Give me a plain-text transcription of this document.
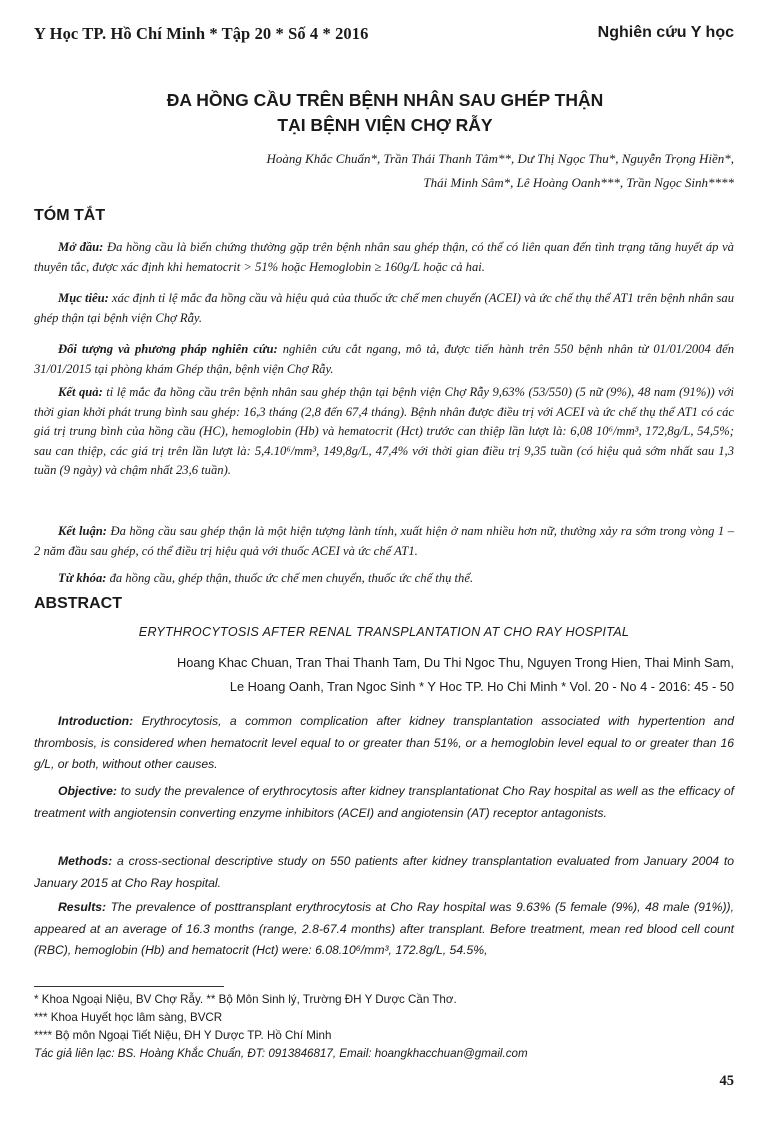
Y Học TP. Hồ Chí Minh * Tập 20 * Số 4 * 2016	Nghiên cứu Y học
ĐA HỒNG CẦU TRÊN BỆNH NHÂN SAU GHÉP THẬN
TẠI BỆNH VIỆN CHỢ RẪY
Hoàng Khắc Chuẩn*, Trần Thái Thanh Tâm**, Dư Thị Ngọc Thu*, Nguyễn Trọng Hiền*,
Thái Minh Sâm*, Lê Hoàng Oanh***, Trần Ngọc Sinh****
TÓM TẮT

Mở đầu: Đa hồng cầu là biến chứng thường gặp trên bệnh nhân sau ghép thận, có thể có liên quan đến tình trạng tăng huyết áp và thuyên tắc, được xác định khi hematocrit > 51% hoặc Hemoglobin ≥ 160g/L hoặc cả hai.

Mục tiêu: xác định tỉ lệ mắc đa hồng cầu và hiệu quả của thuốc ức chế men chuyển (ACEI) và ức chế thụ thể AT1 trên bệnh nhân sau ghép thận tại bệnh viện Chợ Rẫy.

Đối tượng và phương pháp nghiên cứu: nghiên cứu cắt ngang, mô tả, được tiến hành trên 550 bệnh nhân từ 01/01/2004 đến 31/01/2015 tại phòng khám Ghép thận, bệnh viện Chợ Rẫy.

Kết quả: tỉ lệ mắc đa hồng cầu trên bệnh nhân sau ghép thận tại bệnh viện Chợ Rẫy 9,63% (53/550) (5 nữ (9%), 48 nam (91%)) với thời gian khởi phát trung bình sau ghép: 16,3 tháng (2,8 đến 67,4 tháng). Bệnh nhân được điều trị với ACEI và ức chế thụ thể AT1 có các giá trị trung bình của hồng cầu (HC), hemoglobin (Hb) và hematocrit (Hct) trước can thiệp lần lượt là: 6,08 10⁶/mm³, 172,8g/L, 54,5%; sau can thiệp, các giá trị trên lần lượt là: 5,4.10⁶/mm³, 149,8g/L, 47,4% với thời gian điều trị 9,35 tuần (có hiệu quả sớm nhất sau 1,3 tuần (9 ngày) và chậm nhất 23,6 tuần).

Kết luận: Đa hồng cầu sau ghép thận là một hiện tượng lành tính, xuất hiện ở nam nhiều hơn nữ, thường xảy ra sớm trong vòng 1 – 2 năm đầu sau ghép, có thể điều trị hiệu quả với thuốc ACEI và ức chế AT1.

Từ khóa: đa hồng cầu, ghép thận, thuốc ức chế men chuyển, thuốc ức chế thụ thể.

ABSTRACT
ERYTHROCYTOSIS AFTER RENAL TRANSPLANTATION AT CHO RAY HOSPITAL
Hoang Khac Chuan, Tran Thai Thanh Tam, Du Thi Ngoc Thu, Nguyen Trong Hien, Thai Minh Sam,
Le Hoang Oanh, Tran Ngoc Sinh * Y Hoc TP. Ho Chi Minh * Vol. 20 - No 4 - 2016: 45 - 50

Introduction: Erythrocytosis, a common complication after kidney transplantation associated with hypertention and thrombosis, is considered when hematocrit level equal to or greater than 51%, or a hemoglobin level equal to or greater than 16 g/L, or both, without other causes.

Objective: to sudy the prevalence of erythrocytosis after kidney transplantationat Cho Ray hospital as well as the efficacy of treatment with angiotensin converting enzyme inhibitors (ACEI) and angiotensin (AT) receptor antagonists.

Methods: a cross-sectional descriptive study on 550 patients after kidney transplantation evaluated from January 2004 to January 2015 at Cho Ray hospital.

Results: The prevalence of posttransplant erythrocytosis at Cho Ray hospital was 9.63% (5 female (9%), 48 male (91%)), appeared at an average of 16.3 months (range, 2.8-67.4 months) after transplant. Before treatment, mean red blood cell count (RBC), hemoglobin (Hb) and hematocrit (Hct) were: 6.08.10⁶/mm³, 172.8g/L, 54.5%,

* Khoa Ngoại Niệu, BV Chợ Rẫy. ** Bộ Môn Sinh lý, Trường ĐH Y Dược Cần Thơ.
*** Khoa Huyết học lâm sàng, BVCR
**** Bộ môn Ngoại Tiết Niệu, ĐH Y Dược TP. Hồ Chí Minh
Tác giả liên lạc: BS. Hoàng Khắc Chuẩn, ĐT: 0913846817, Email: hoangkhacchuan@gmail.com
45
